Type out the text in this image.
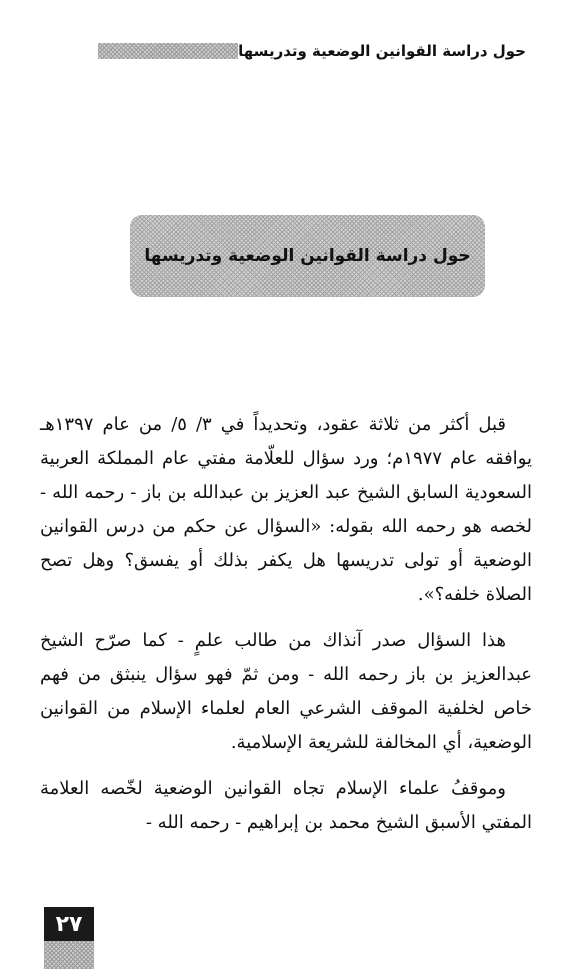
حول دراسة القوانين الوضعية وتدريسها
حول دراسة القوانين الوضعية وتدريسها

قبل أكثر من ثلاثة عقود، وتحديداً في ٣/ ٥/ من عام ١٣٩٧هـ يوافقه عام ١٩٧٧م؛ ورد سؤال للعلّامة مفتي عام المملكة العربية السعودية السابق الشيخ عبد العزيز بن عبدالله بن باز - رحمه الله - لخصه هو رحمه الله بقوله: «السؤال عن حكم من درس القوانين الوضعية أو تولى تدريسها هل يكفر بذلك أو يفسق؟ وهل تصح الصلاة خلفه؟».

هذا السؤال صدر آنذاك من طالب علمٍ - كما صرّح الشيخ عبدالعزيز بن باز رحمه الله - ومن ثمّ فهو سؤال ينبثق من فهم خاص لخلفية الموقف الشرعي العام لعلماء الإسلام من القوانين الوضعية، أي المخالفة للشريعة الإسلامية.

وموقفُ علماء الإسلام تجاه القوانين الوضعية لخّصه العلامة المفتي الأسبق الشيخ محمد بن إبراهيم - رحمه الله -

٢٧
